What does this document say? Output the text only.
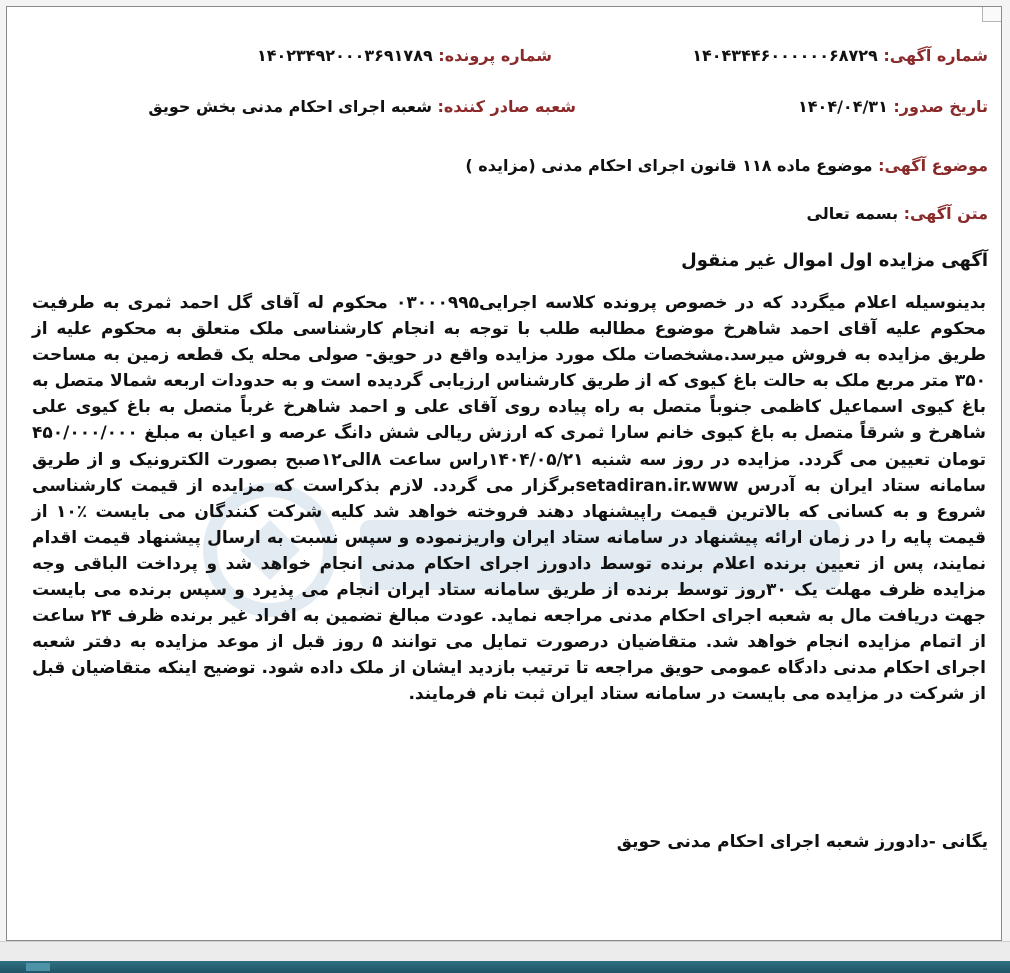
شماره آگهی: ۱۴۰۴۳۴۴۶۰۰۰۰۰۰۶۸۷۲۹
شماره پرونده: ۱۴۰۲۳۴۹۲۰۰۰۳۶۹۱۷۸۹
تاریخ صدور: ۱۴۰۴/۰۴/۳۱
شعبه صادر کننده: شعبه اجرای احکام مدنی بخش حویق
موضوع آگهی: موضوع ماده ۱۱۸ قانون اجرای احکام مدنی (مزایده )
متن آگهی: بسمه تعالی
آگهی مزایده اول اموال غیر منقول
بدینوسیله اعلام میگردد که در خصوص پرونده کلاسه اجرایی۰۳۰۰۰۹۹۵ محکوم له آقای گل احمد ثمری به طرفیت محکوم علیه آقای احمد شاهرخ موضوع مطالبه طلب با توجه به انجام کارشناسی ملک متعلق به محکوم علیه از طریق مزایده به فروش میرسد.مشخصات ملک مورد مزایده واقع در حویق- صولی محله یک قطعه زمین به مساحت ۳۵۰ متر مربع ملک به حالت باغ کیوی که از طریق کارشناس ارزیابی گردیده است و به حدودات اربعه شمالا متصل به باغ کیوی اسماعیل کاظمی جنوباً متصل به راه پیاده روی آقای علی و احمد شاهرخ غرباً متصل به باغ کیوی علی شاهرخ و شرقاً متصل به باغ کیوی خانم سارا ثمری که ارزش ریالی شش دانگ عرصه و اعیان به مبلغ ۴۵۰/۰۰۰/۰۰۰ تومان تعیین می گردد. مزایده در روز سه شنبه ۱۴۰۴/۰۵/۲۱راس ساعت ۸الی۱۲صبح بصورت الکترونیک و از طریق سامانه ستاد ایران به آدرس setadiran.ir.wwwبرگزار می گردد. لازم بذکراست که مزایده از قیمت کارشناسی شروع و به کسانی که بالاترین قیمت راپیشنهاد دهند فروخته خواهد شد کلیه شرکت کنندگان می بایست ٪۱۰ از قیمت پایه را در زمان ارائه پیشنهاد در سامانه ستاد ایران واریزنموده و سپس نسبت به ارسال پیشنهاد قیمت اقدام نمایند، پس از تعیین برنده اعلام برنده توسط دادورز اجرای احکام مدنی انجام خواهد شد و پرداخت الباقی وجه مزایده ظرف مهلت یک ۳۰روز توسط برنده از طریق سامانه ستاد ایران انجام می پذیرد و سپس برنده می بایست جهت دریافت مال به شعبه اجرای احکام مدنی مراجعه نماید. عودت مبالغ تضمین به افراد غیر برنده ظرف ۲۴ ساعت از اتمام مزایده انجام خواهد شد. متقاضیان درصورت تمایل می توانند ۵ روز قبل از موعد مزایده به دفتر شعبه اجرای احکام مدنی دادگاه عمومی حویق مراجعه تا ترتیب بازدید ایشان از ملک داده شود. توضیح اینکه متقاضیان قبل از شرکت در مزایده می بایست در سامانه ستاد ایران ثبت نام فرمایند.
یگانی -دادورز شعبه اجرای احکام مدنی حویق
